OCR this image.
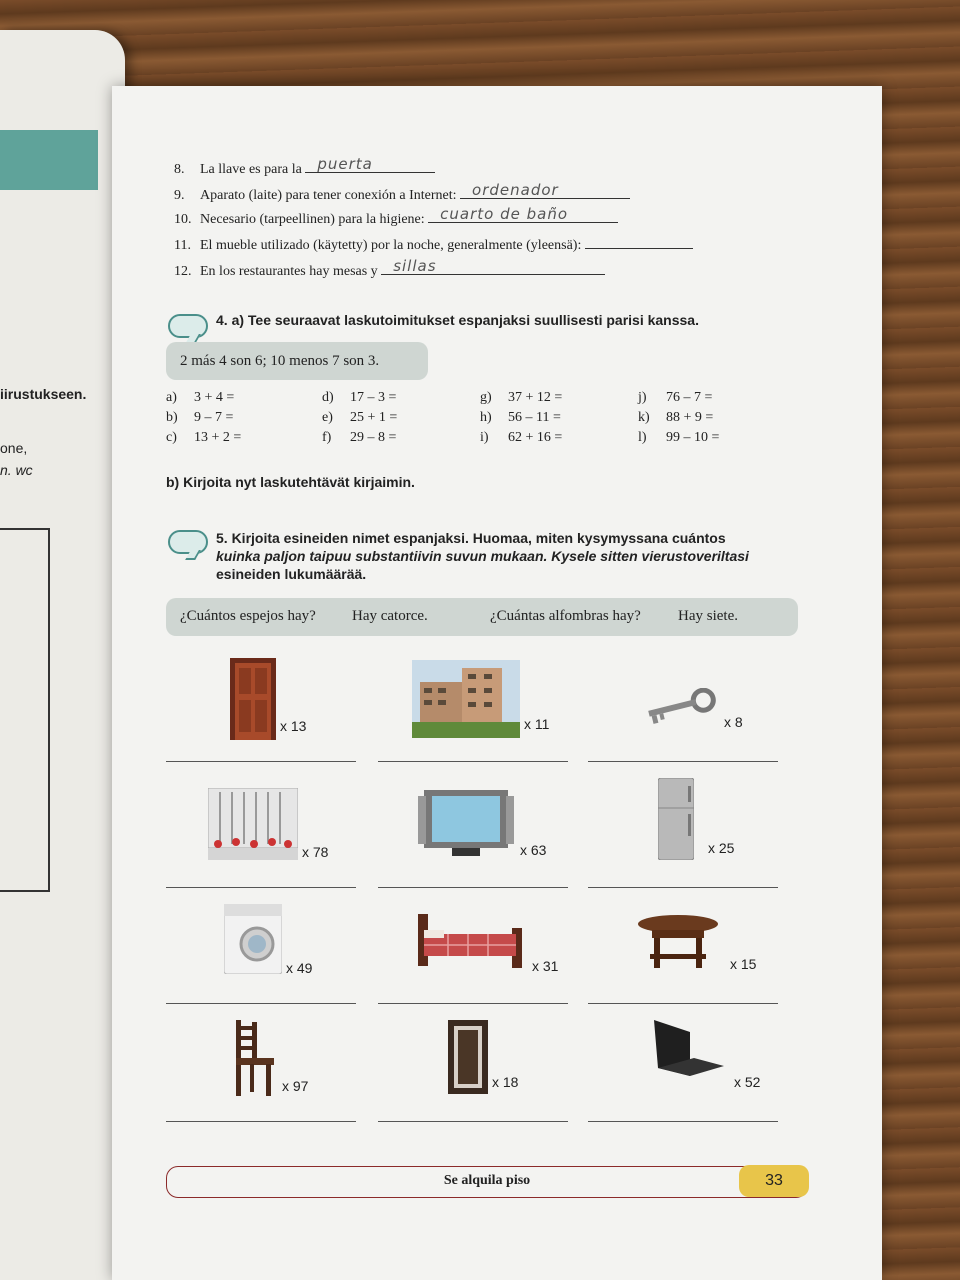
iirustukseen.
one,
n. wc
8. La llave es para la puerta
9. Aparato (laite) para tener conexión a Internet: ordenador
10. Necesario (tarpeellinen) para la higiene: cuarto de baño
11. El mueble utilizado (käytetty) por la noche, generalmente (yleensä):
12. En los restaurantes hay mesas y sillas
4. a) Tee seuraavat laskutoimitukset espanjaksi suullisesti parisi kanssa.
2 más 4 son 6; 10 menos 7 son 3.
a) 3 + 4 =
b) 9 – 7 =
c) 13 + 2 =
d) 17 – 3 =
e) 25 + 1 =
f) 29 – 8 =
g) 37 + 12 =
h) 56 – 11 =
i) 62 + 16 =
j) 76 – 7 =
k) 88 + 9 =
l) 99 – 10 =
b) Kirjoita nyt laskutehtävät kirjaimin.
5. Kirjoita esineiden nimet espanjaksi. Huomaa, miten kysymyssana cuántos
kuinka paljon taipuu substantiivin suvun mukaan. Kysele sitten vierustoveriltasi
esineiden lukumäärää.
¿Cuántos espejos hay? Hay catorce.	¿Cuántas alfombras hay? Hay siete.
x 13	x 11	x 8
x 78	x 63	x 25
x 49	x 31	x 15
x 97	x 18	x 52
Se alquila piso	33
